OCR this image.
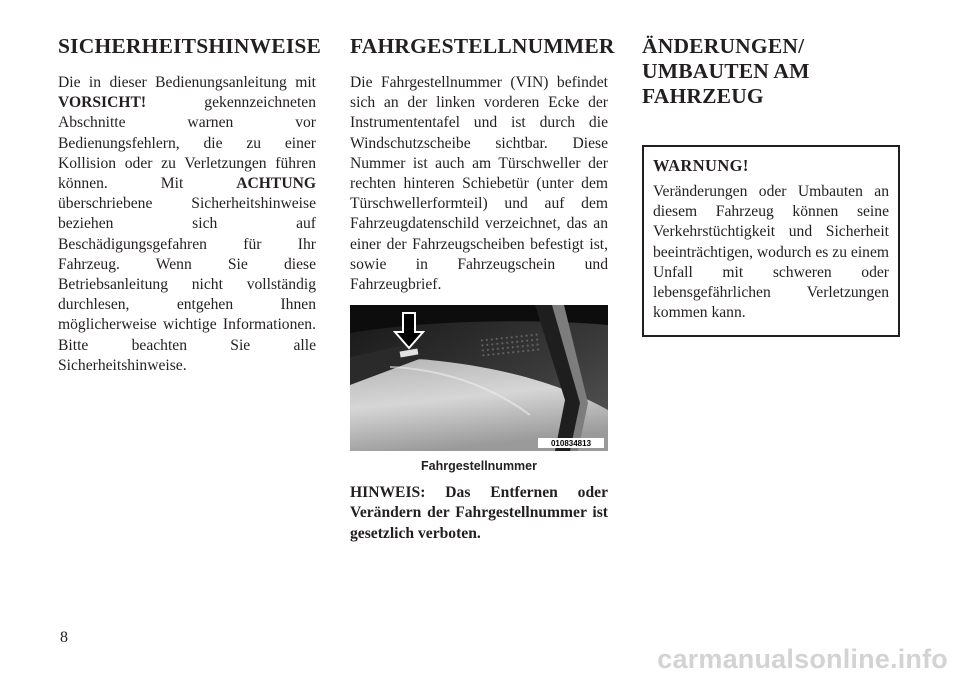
SICHERHEITSHINWEISE

Die in dieser Bedienungsanleitung mit VORSICHT! gekennzeichneten Abschnitte warnen vor Bedienungsfehlern, die zu einer Kollision oder zu Verletzungen führen können. Mit ACHTUNG überschriebene Sicherheitshinweise beziehen sich auf Beschädigungsgefahren für Ihr Fahrzeug. Wenn Sie diese Betriebsanleitung nicht vollständig durchlesen, entgehen Ihnen möglicherweise wichtige Informationen. Bitte beachten Sie alle Sicherheitshinweise.

FAHRGESTELLNUMMER

Die Fahrgestellnummer (VIN) befindet sich an der linken vorderen Ecke der Instrumententafel und ist durch die Windschutzscheibe sichtbar. Diese Nummer ist auch am Türschweller der rechten hinteren Schiebetür (unter dem Türschwellerformteil) und auf dem Fahrzeugdatenschild verzeichnet, das an einer der Fahrzeugscheiben befestigt ist, sowie in Fahrzeugschein und Fahrzeugbrief.

010834813
Fahrgestellnummer
HINWEIS: Das Entfernen oder Verändern der Fahrgestellnummer ist gesetzlich verboten.
ÄNDERUNGEN/
UMBAUTEN AM
FAHRZEUG
WARNUNG!
Veränderungen oder Umbauten an diesem Fahrzeug können seine Verkehrstüchtigkeit und Sicherheit beeinträchtigen, wodurch es zu einem Unfall mit schweren oder lebensgefährlichen Verletzungen kommen kann.
8
carmanualsonline.info
